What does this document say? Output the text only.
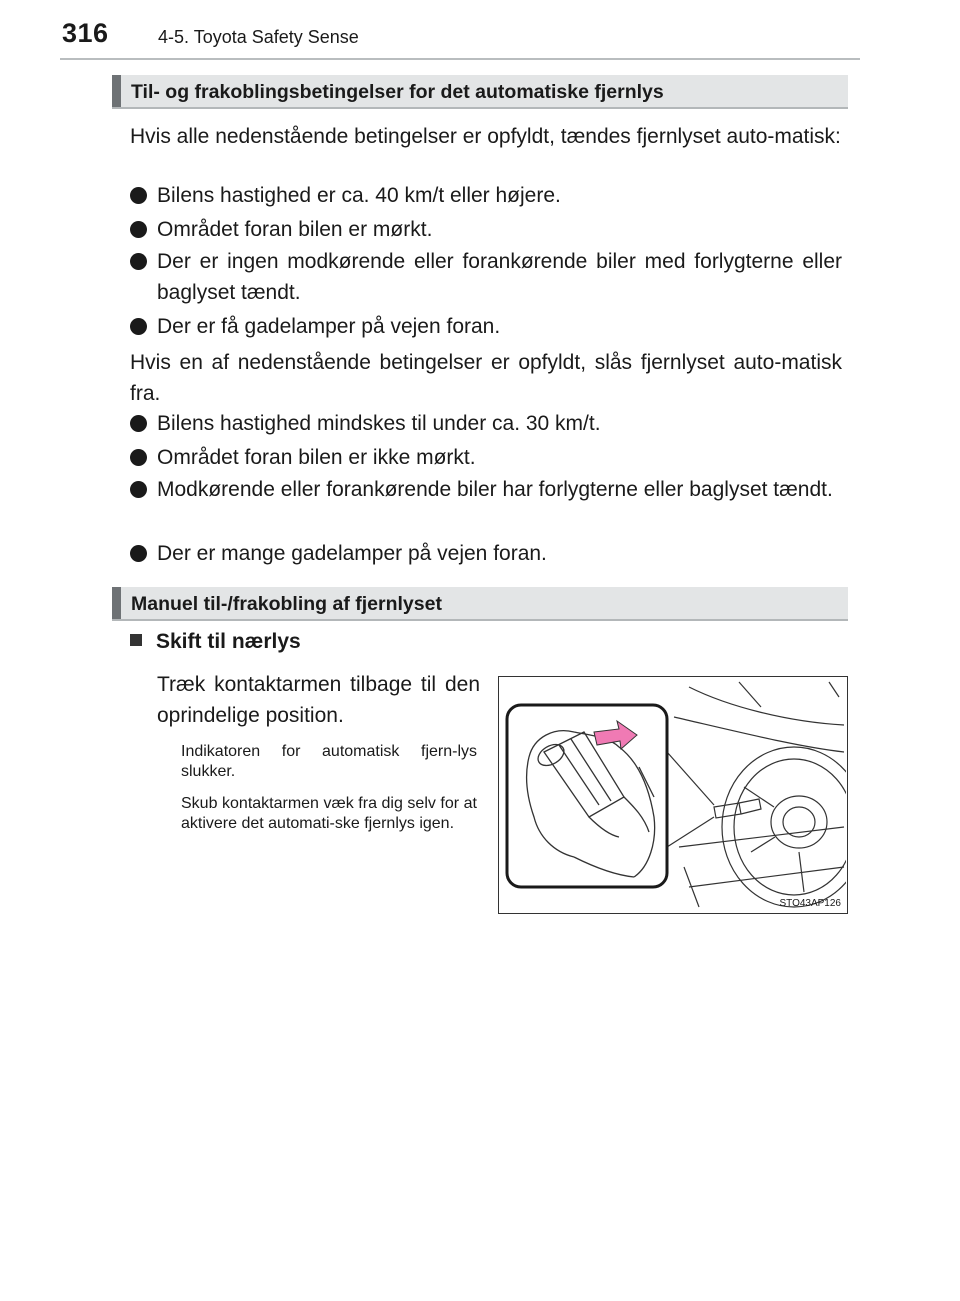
316	4-5. Toyota Safety Sense
Til- og frakoblingsbetingelser for det automatiske fjernlys
Hvis alle nedenstående betingelser er opfyldt, tændes fjernlyset auto-matisk:
Bilens hastighed er ca. 40 km/t eller højere.
Området foran bilen er mørkt.
Der er ingen modkørende eller forankørende biler med forlygterne eller baglyset tændt.
Der er få gadelamper på vejen foran.
Hvis en af nedenstående betingelser er opfyldt, slås fjernlyset auto-matisk fra.
Bilens hastighed mindskes til under ca. 30 km/t.
Området foran bilen er ikke mørkt.
Modkørende eller forankørende biler har forlygterne eller baglyset tændt.
Der er mange gadelamper på vejen foran.
Manuel til-/frakobling af fjernlyset
Skift til nærlys
Træk kontaktarmen tilbage til den oprindelige position.
Indikatoren for automatisk fjern-lys slukker.
Skub kontaktarmen væk fra dig selv for at aktivere det automati-ske fjernlys igen.
STO43AP126
